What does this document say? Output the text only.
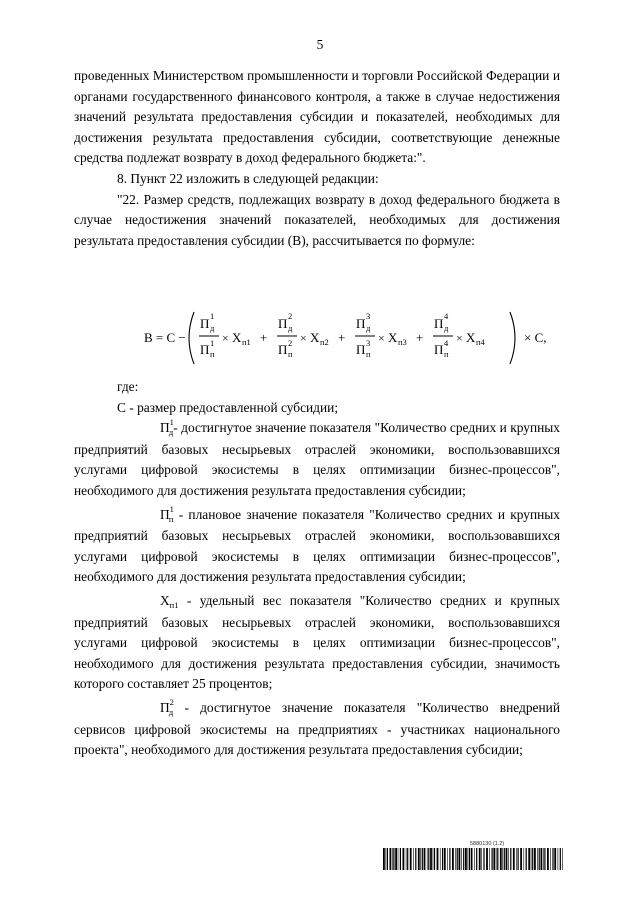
5

проведенных Министерством промышленности и торговли Российской Федерации и органами государственного финансового контроля, а также в случае недостижения значений результата предоставления субсидии и показателей, необходимых для достижения результата предоставления субсидии, соответствующие денежные средства подлежат возврату в доход федерального бюджета:".

8. Пункт 22 изложить в следующей редакции:

"22. Размер средств, подлежащих возврату в доход федерального бюджета в случае недостижения значений показателей, необходимых для достижения результата предоставления субсидии (В), рассчитывается по формуле:

В = С −
П 1
д
П 1
п
× Х п1 +
П 2
д
П 2
п
× Х п2 +
П 3
д
П 3
п
× Х п3 +
П 4
д
П 4
п
× Х п4	× С,

где:

С - размер предоставленной субсидии;

$П^1_д-$ достигнутое значение показателя "Количество средних и крупных предприятий базовых несырьевых отраслей экономики, воспользовавшихся услугами цифровой экосистемы в целях оптимизации бизнес-процессов", необходимого для достижения результата предоставления субсидии;

$П^1_п$ - плановое значение показателя "Количество средних и крупных предприятий базовых несырьевых отраслей экономики, воспользовавшихся услугами цифровой экосистемы в целях оптимизации бизнес-процессов", необходимого для достижения результата предоставления субсидии;

$Х_{п1}$ - удельный вес показателя "Количество средних и крупных предприятий базовых несырьевых отраслей экономики, воспользовавшихся услугами цифровой экосистемы в целях оптимизации бизнес-процессов", необходимого для достижения результата предоставления субсидии, значимость которого составляет 25 процентов;

$П^2_д$ - достигнутое значение показателя "Количество внедрений сервисов цифровой экосистемы на предприятиях - участниках национального проекта", необходимого для достижения результата предоставления субсидии;

5880130 (1.2)
